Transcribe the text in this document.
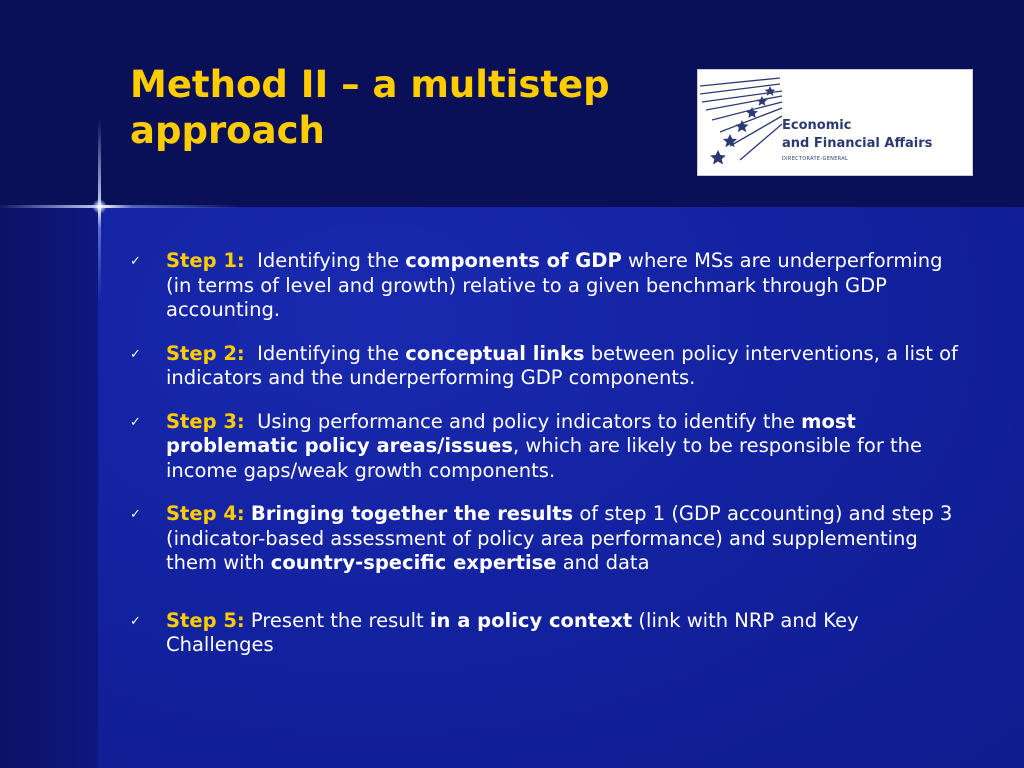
Method II – a multistep approach	Economic
and Financial Affairs
DIRECTORATE-GENERAL
✓ Step 1: Identifying the components of GDP where MSs are underperforming (in terms of level and growth) relative to a given benchmark through GDP accounting.
✓ Step 2: Identifying the conceptual links between policy interventions, a list of indicators and the underperforming GDP components.
✓ Step 3: Using performance and policy indicators to identify the most problematic policy areas/issues, which are likely to be responsible for the income gaps/weak growth components.
✓ Step 4: Bringing together the results of step 1 (GDP accounting) and step 3 (indicator-based assessment of policy area performance) and supplementing them with country-specific expertise and data
✓ Step 5: Present the result in a policy context (link with NRP and Key Challenges
